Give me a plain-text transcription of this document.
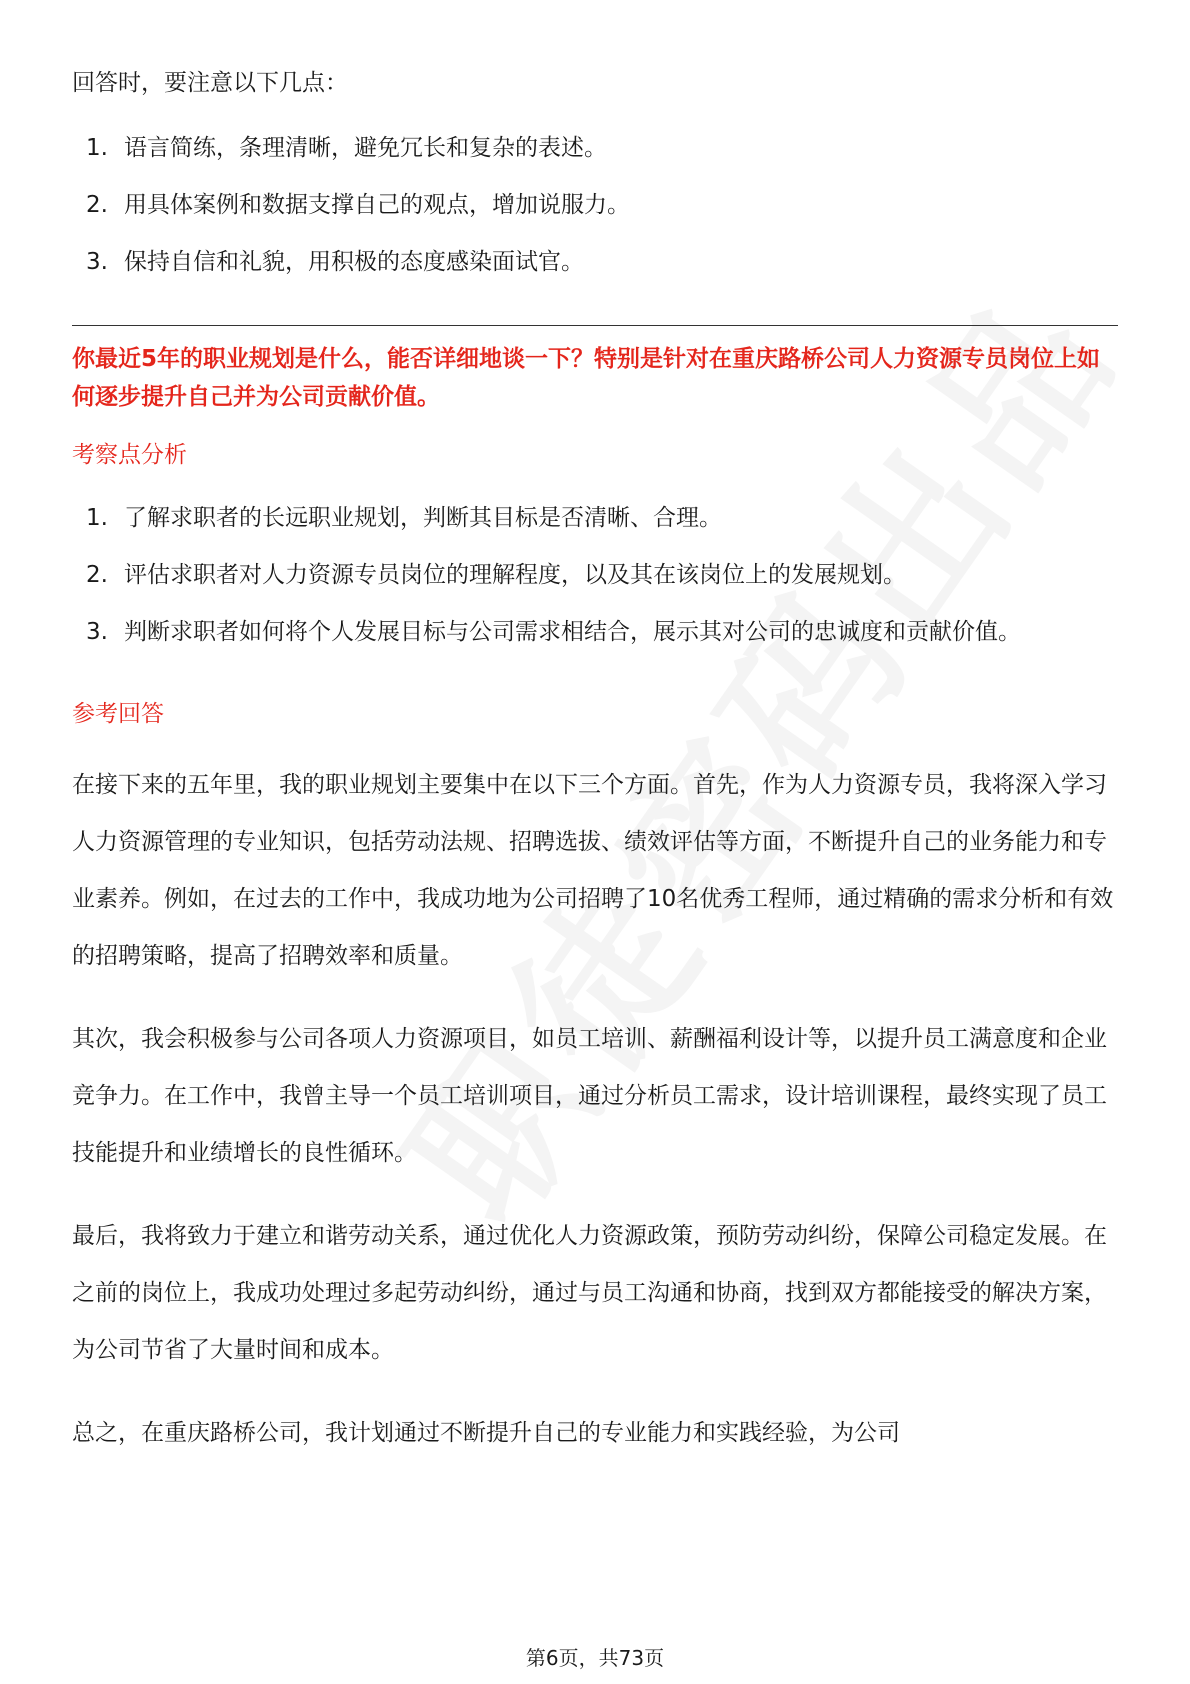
回答时，要注意以下几点：

1. 语言简练，条理清晰，避免冗长和复杂的表述。
2. 用具体案例和数据支撑自己的观点，增加说服力。
3. 保持自信和礼貌，用积极的态度感染面试官。

你最近5年的职业规划是什么，能否详细地谈一下？特别是针对在重庆路桥公司人力资源专员岗位上如何逐步提升自己并为公司贡献价值。

考察点分析

1. 了解求职者的长远职业规划，判断其目标是否清晰、合理。
2. 评估求职者对人力资源专员岗位的理解程度，以及其在该岗位上的发展规划。
3. 判断求职者如何将个人发展目标与公司需求相结合，展示其对公司的忠诚度和贡献价值。

参考回答

在接下来的五年里，我的职业规划主要集中在以下三个方面。首先，作为人力资源专员，我将深入学习人力资源管理的专业知识，包括劳动法规、招聘选拔、绩效评估等方面，不断提升自己的业务能力和专业素养。例如，在过去的工作中，我成功地为公司招聘了10名优秀工程师，通过精确的需求分析和有效的招聘策略，提高了招聘效率和质量。

其次，我会积极参与公司各项人力资源项目，如员工培训、薪酬福利设计等，以提升员工满意度和企业竞争力。在工作中，我曾主导一个员工培训项目，通过分析员工需求，设计培训课程，最终实现了员工技能提升和业绩增长的良性循环。

最后，我将致力于建立和谐劳动关系，通过优化人力资源政策，预防劳动纠纷，保障公司稳定发展。在之前的岗位上，我成功处理过多起劳动纠纷，通过与员工沟通和协商，找到双方都能接受的解决方案，为公司节省了大量时间和成本。

总之，在重庆路桥公司，我计划通过不断提升自己的专业能力和实践经验，为公司

第6页，共73页
